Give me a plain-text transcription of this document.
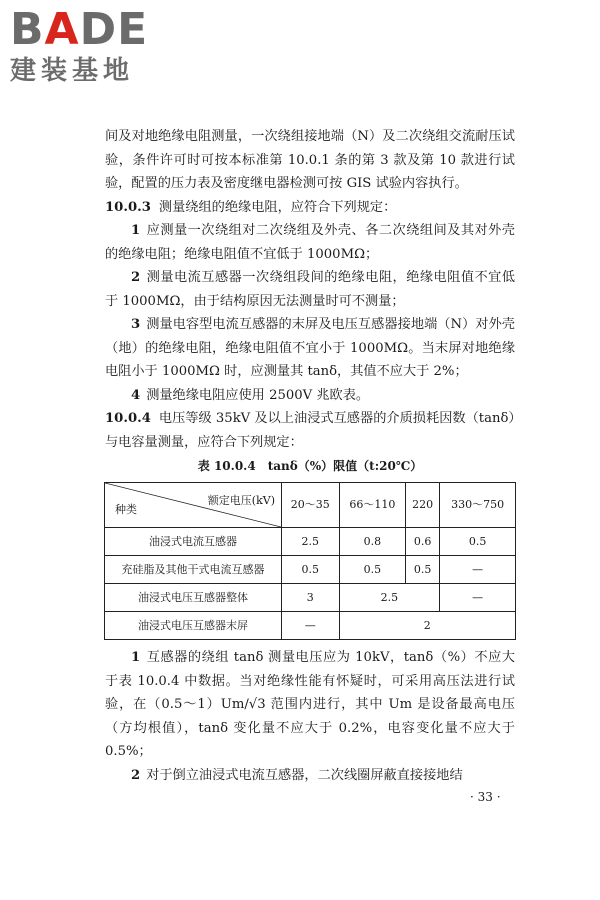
BADE
建装基地

间及对地绝缘电阻测量，一次绕组接地端（N）及二次绕组交流耐压试验，条件许可时可按本标准第 10.0.1 条的第 3 款及第 10 款进行试验，配置的压力表及密度继电器检测可按 GIS 试验内容执行。

10.0.3 测量绕组的绝缘电阻，应符合下列规定：

1 应测量一次绕组对二次绕组及外壳、各二次绕组间及其对外壳的绝缘电阻；绝缘电阻值不宜低于 1000MΩ；

2 测量电流互感器一次绕组段间的绝缘电阻，绝缘电阻值不宜低于 1000MΩ，由于结构原因无法测量时可不测量；

3 测量电容型电流互感器的末屏及电压互感器接地端（N）对外壳（地）的绝缘电阻，绝缘电阻值不宜小于 1000MΩ。当末屏对地绝缘电阻小于 1000MΩ 时，应测量其 tanδ，其值不应大于 2%；

4 测量绝缘电阻应使用 2500V 兆欧表。

10.0.4 电压等级 35kV 及以上油浸式互感器的介质损耗因数（tanδ）与电容量测量，应符合下列规定：

表 10.0.4　tanδ（%）限值（t:20℃）
额定电压(kV)
种类	20～35	66～110	220	330～750
油浸式电流互感器	2.5	0.8	0.6	0.5
充硅脂及其他干式电流互感器	0.5	0.5	0.5	—
油浸式电压互感器整体	3	2.5		—
油浸式电压互感器末屏	—	2		

1 互感器的绕组 tanδ 测量电压应为 10kV，tanδ（%）不应大于表 10.0.4 中数据。当对绝缘性能有怀疑时，可采用高压法进行试验，在（0.5～1）Um/√3 范围内进行，其中 Um 是设备最高电压（方均根值），tanδ 变化量不应大于 0.2%，电容变化量不应大于 0.5%；

2 对于倒立油浸式电流互感器，二次线圈屏蔽直接接地结

· 33 ·
